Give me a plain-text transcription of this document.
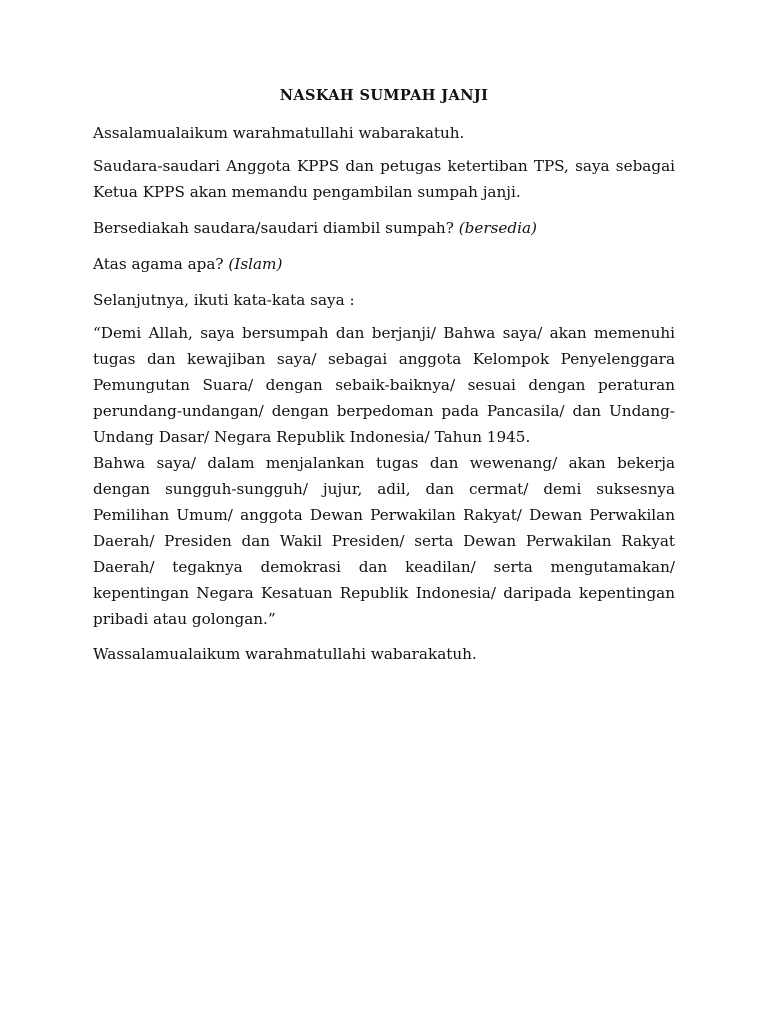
NASKAH SUMPAH JANJI

Assalamualaikum warahmatullahi wabarakatuh.

Saudara-saudari Anggota KPPS dan petugas ketertiban TPS, saya sebagai Ketua KPPS akan memandu pengambilan sumpah janji.

Bersediakah saudara/saudari diambil sumpah? (bersedia)

Atas agama apa? (Islam)

Selanjutnya, ikuti kata-kata saya :

“Demi Allah, saya bersumpah dan berjanji/ Bahwa saya/ akan memenuhi tugas dan kewajiban saya/ sebagai anggota Kelompok Penyelenggara Pemungutan Suara/ dengan sebaik-baiknya/ sesuai dengan peraturan perundang-undangan/ dengan berpedoman pada Pancasila/ dan Undang-Undang Dasar/ Negara Republik Indonesia/ Tahun 1945.

Bahwa saya/ dalam menjalankan tugas dan wewenang/ akan bekerja dengan sungguh-sungguh/ jujur, adil, dan cermat/ demi suksesnya Pemilihan Umum/ anggota Dewan Perwakilan Rakyat/ Dewan Perwakilan Daerah/ Presiden dan Wakil Presiden/ serta Dewan Perwakilan Rakyat Daerah/ tegaknya demokrasi dan keadilan/ serta mengutamakan/ kepentingan Negara Kesatuan Republik Indonesia/ daripada kepentingan pribadi atau golongan.”

Wassalamualaikum warahmatullahi wabarakatuh.
